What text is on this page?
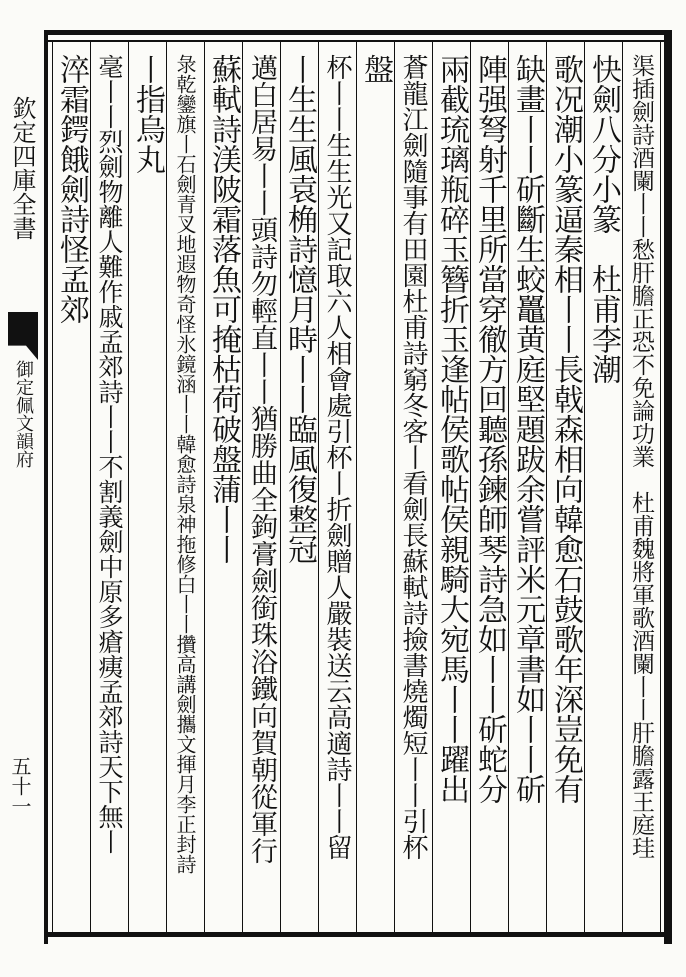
欽定四庫全書
御定佩文韻府
五十一	渠插劍詩酒闌丨丨愁肝膽正恐不免論功業　杜甫魏將軍歌酒闌丨丨肝膽露王庭珪
快劍八分小篆　杜甫李潮
歌况潮小篆逼秦相丨丨長戟森相向韓愈石鼓歌年深豈免有
缺畫丨丨斫斷生蛟鼉黄庭堅題跋余嘗評米元章書如丨丨斫
陣强弩射千里所當穿徹方回聽孫鍊師琴詩急如丨丨斫蛇分
兩截琉璃瓶碎玉簪折玉逢帖侯歌帖侯親騎大宛馬丨丨躍出
蒼龍江劍隨事有田園杜甫詩窮冬客丨看劍長蘇軾詩撿書燒燭短丨丨引杯
盤
杯丨丨生生光又記取六人相會處引杯丨折劍贈人嚴裝送云高適詩丨丨留
丨生生風袁桷詩憶月時丨丨臨風復整冠
邁白居易丨丨頭詩勿輕直丨丨猶勝曲全鉤膏劍銜珠浴鐵向賀朝從軍行
蘇軾詩渼陂霜落魚可掩枯荷破盤蒲丨丨
彔乾鑾旗丨石劍青叉地遐物奇怪氷鏡涵丨丨韓愈詩泉神拖修白丨丨攢高講劍攜文揮月李正封詩
丨指烏丸
毫丨丨烈劍物離人難作戚孟郊詩丨丨不割義劍中原多瘡痍孟郊詩天下無丨
淬霜鍔餓劍詩怪孟郊
